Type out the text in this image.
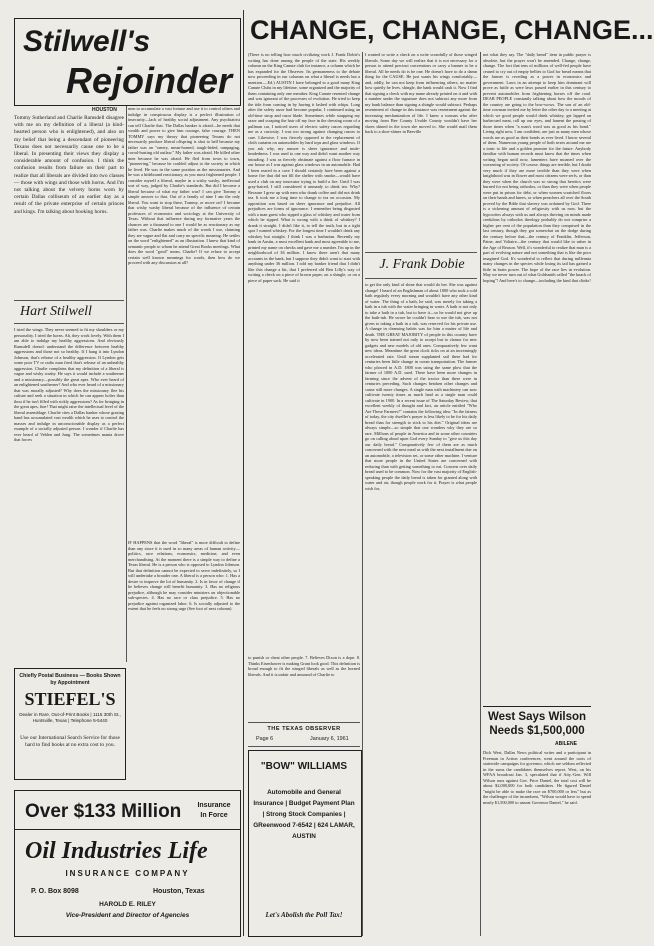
Stilwell's
Rejoinder
HOUSTON
Tommy Sutherland and Charlie Ramsdell disagree with me on my definition of a liberal (a kind-hearted person who is enlightened), and also on my belief that being a descendant of pioneering Texans does not necessarily cause one to be a liberal. In presenting their views they display a considerable amount of confusion. I think the confusion results from failure on their part to realize that all liberals are divided into two classes — those with wings and those with horns. And I'm not talking about the velvety horns worn by certain Dallas colliseum of an earlier day as a result of the private enterprise of certain princes and kings. I'm talking about booking horns.
Hart Stilwell
I tried the wings. They never seemed to fit my shoulders or my personality. I tried the horns. Ah, they work lovely. With them I am able to indulge my healthy aggressions. And obviously Ramsdell doesn't understand the difference between healthy aggressions and those not so healthy. If I hang it into Lyndon Johnson, that's release of a healthy aggression. If Lyndon gets some poor TV or radio man fired that's release of an unhealthy aggression. Charlie complains that my definition of a liberal is vague and wishy washy. He says it would include a southerner and a missionary—possibly the great apes. Who ever heard of an enlightened southerner? And who ever heard of a missionary that was morally adjusted? Why does the missionary flee his culture and seek a situation in which he can appear holier than thou if he isn't filled with sickly aggressions? As for bringing in the great apes, fine! That might raise the intellectual level of the liberal assemblage. Charlie cites a Dallas banker whose grazing hand has accumulated vast wealth which he uses to control the masses and indulge in unconscionable display as a perfect example of a socially adjusted person. I wonder if Charlie has ever heard of Veblen and Jung. The sometimes mania drove that forces
men to accumulate a vast fortune and use it to control others and indulge in conspicuous display is a perfect illustration of insecurity—lack of healthy social adjustment. Any psychiatrist can tell Charlie that. The Dallas banker is afraid—he needs that wealth and power to give him courage, false courage. THEN TOMMY says my theory that pioneering Texans do not necessarily produce liberal offspring is shot to hell because my father was an "ornery, mean-horned, tough-hided, rampaging, corral-busting old outlaw." My father was afraid. He killed other men because he was afraid. He fled from town to town, "pioneering," because he couldn't adjust to the society in which he lived. He was in the same position as the missionaries. And he was a hidebound reactionary, as you most frightened people. I consider myself a liberal, maybe in a wishy washy, ineffectual sort of way, judged by Charlie's standards. But did I become a liberal because of what my father was? I can give Tommy a simple answer to that. Out of a family of nine I am the only liberal. You want to stop there, Tommy, or move on? I became that wishy washy liberal because of the influence of certain professors of economics and sociology at the University of Texas. Without that influence during my formative years the chances are a thousand to one I would be as reactionary as my father was. Charlie makes much of the words I use, claiming they are vague and flat and carry no specific meaning. He settles on the word "enlightened" as an illustration. I knew that kind of semantic people to whom he attend Great Books meetings. What does the word "good" mean, Charlie? If we refuse to accept certain well known meanings for words, then how do we proceed with any discussion at all?
IF HAPPENS that the word "liberal" is more difficult to define than any since it is used in so many areas of human activity—politics, race relations, economics, medicine, and even merchandising. At the moment there is a simple way to define a Texas liberal. He is a person who is opposed to Lyndon Johnson. But that definition cannot be expected to serve indefinitely, so I will undertake a broader one. A liberal is a person who: 1. Has a desire to improve the lot of humanity. 2. Is in favor of change if he believes change will benefit humanity. 3. Has no religious prejudice, although he may consider ministers on objectionable sub-species. 4. Has no race or class prejudice. 5. Has no prejudice against organized labor. 6. Is socially adjusted to the extent that he feels no strong urge (See foot of next column)
Chiefly Postal Business — Books Shown by Appointment
STIEFEL'S
Dealer in Rare, Out-of-Print Books | 1115 30th St., Huntsville, Texas | Telephone 5-5440
Use our International Search Service for those hard to find books at no extra cost to you.
Over $133 Million	Insurance
In Force
Oil Industries Life
INSURANCE COMPANY
P. O. Box 8098	Houston, Texas
HAROLD E. RILEY
Vice-President and Director of Agencies
CHANGE, CHANGE, CHANGE...
(There is no telling how much civilizing work J. Frank Dobie's writing has done among the people of the state. His weekly column on the King Canute club for instance, a column which he has expanded for the Observer. Its germaneness to the debate now proceeding in our columns on what a liberal is needs but a mention.—Ed.) AUSTIN I have belonged to a good many King Canute Clubs in my lifetime, some organized and the majority of them containing only one member. King Canute resented change and was ignorant of the processes of evolution. He tried to keep the tide from coming in by having it lashed with whips. Long after the safety razor had become popular, I continued using an old-time strop and razor blade. Sometimes while strapping my razor and scraping the hair off my face in the dressing room of a pullman car, I noticed users of electric safety razors regarding me as a curiosity. I was too strong against changing razors to care. Likewise, I was fiercely opposed to the replacement of cloth curtains on automobiles by hard tops and glass windows. If you ask why, my answer is sheer ignorance and mule-headedness. I was used to one way and didn't want another way intruding. I was as fiercely obstinate against a floor furnace in our house as I was against glass windows in an automobile. Had I been reared in a cave I should certainly have been against a home fire that did not fill the shelter with smoke—would have used a club on any innovator trying to build a fire. Until I was gray-haired, I still considered it unmanly to drink tea. Why? Because I grew up with men who drank coffee and did not drink tea. It took me a long time to change to tea on occasion. My opposition was based on sheer ignorance and prejudice. All prejudices are forms of ignorance. I remember being disgusted with a man guest who sipped a glass of whiskey and water from which he sipped. What is wrong with a drink of whiskey? I drank it straight. I didn't like it, to tell the truth, but in a tight spot I wanted whiskey. For the longest time I wouldn't drink any whiskey but straight. I think I was a barbarian. Recently my bank in Austin, a most excellent bank and most agreeable to me, printed my name on checks and gave me a number. I'm up in the neighborhood of 36 million. I know there aren't that many accounts in the bank, but I suppose they didn't want to start with anything under 36 million. I told my banker friend that I didn't like this change a bit, that I preferred old Ben Lilly's way of writing a check on a piece of brown paper, on a shingle, or on a piece of paper sack. He said it
to punish or cheat other people. 7. Believes Dixon is a dope. 8. Thinks Eisenhower is making Grant look good. This definition is broad enough to fit the winged liberals as well as the horned liberals. And it is unfair and unsound of Charlie to
THE TEXAS OBSERVER
Page 6	January 6, 1961
"BOW" WILLIAMS
Automobile and General Insurance | Budget Payment Plan | Strong Stock Companies | GReenwood 7-6542 | 624 LAMAR, AUSTIN
Let's Abolish the Poll Tax!
I wanted to write a check on a write scornfully of those winged liberals. Some day we will realize that it is not necessary for a person to attend precinct conventions or carry a banner to be a liberal. All he needs do is be one. He doesn't have to do a damn thing for the CAUSE. He just wants his wings comfortably—and, oddly, he can not keep from influencing others, no matter how quietly he lives. shingle, the bank would cash it. Now I find that signing a check with my name already printed on it and with a number under the signature does not subtract any more from my bank balance than signing a shingle would subtract. Perhaps resentment of change in this instance was resentment against the increasing mechanization of life. I knew a woman who after moving from Bee County Uvalde County wouldn't have her shoes shined in the town she moved to. She would mail them back to a shoe-shiner in Beeville
J. Frank Dobie
to get the only kind of shine that would do her. She was against change! I heard of an Englishman of about 1800 who took a cold bath regularly every morning and wouldn't have any other kind of water. The thing of a bath, he said, was merely for taking a bath in a tub with the water bringing in water. A bath is not only to take a bath in a tub, but to have it—so he would not give up the bath-tub. He swore he couldn't bear to use the tub, was not given to taking a bath in a tub, was reserved for his private use. A change in cleansing habits was for him a matter of life and death. THE GREAT MAJORITY of people in this country have by now been trained not only to accept but to clamor for new gadgets and new models of old ones. Comparatively few want new ideas. Meantime the great clock ticks on at an increasingly accelerated rate. Until steam supplanted sail there had for centuries been little change in ocean transportation. The farmer who plowed in A.D. 1800 was using the same plow that the farmer of 1000 A.D. used. There have been more changes in farming since the advent of the tractor than there were in centuries preceding. Such changes betoken other changes and cause still more changes. A single man with machinery can now cultivate twenty times as much land as a single man could cultivate in 1900. In a recent issue of The Saturday Review, that excellent weekly of thought and fact, an article entitled "Who Are These Farmers?" contains the following idea: "In the fatness of today, the city dweller's prayer is less likely to be for his daily bread than for strength to stick to his diet." Original ideas are always simple—so simple that one wonders why they are so rare. Millions of people in America and in some other countries go on calling aloud upon God every Sunday to "give us this day our daily bread." Comparatively few of them are as much concerned with the next meal as with the next installment due on an automobile, a television set, or some other machine. I venture that more people in the United States are concerned with reducing than with getting something to eat. Concern over daily bread used to be common. Now for the vast majority of English-speaking people the daily bread is taken for granted along with water and air, though people work for it. Prayer is what people wish for,
not what they say. The "daily bread" item in public prayer is obsolete, but the prayer won't be amended. Change, change, change. The fact that tens of millions of well-fed people have ceased to cry out of empty bellies to God for bread means that the farmer is receding as a power in economics and government. Laws in an attempt to keep him dominant will prove as futile as were laws passed earlier in this century to prevent automobiles from frightening horses off the road. DEAR PEOPLE constantly talking about how the morals of the country are going to the bow-wows. The son of an old-time cowman invited me by letter the other day to a meeting at which we good people would drink whiskey, get lapped on barbecued meat, roll up our eyes, and lament the passing of those times when "a man's word was as good as his bond." Living right now, I am confident, are just as many men whose words are as good as their bonds as ever lived. I know several of them. Numerous young people of both sexes around me are a tonic to life and a golden promise for the future. Anybody familiar with human records must know that the times when writing began until now, lamenters have moaned over the worsening of society. Of course, things are terrible, but I doubt very much if they are more terrible than they were when knighthood was in flower and most citizens were serfs, or than they were when the church was so strong that heretics were burned for not being orthodox, or than they were when people were put in prison for debt, or when women scratched floors on their hands and knees, or when preachers all over the South proved by the Bible that slavery was ordained by God. There is a sickening amount of religiosity with us now, but the hypocrites always with us and always thriving on minds made credulous by orthodox theology probably do not comprise a higher per cent of the population than they comprised in the last century, though they got somewhat on the dodge during the century before that—the century of Franklin, Jefferson, Paine, and Voltaire—the century that would like to usher in the Age of Reason. Well, it's wonderful to realize that man is a part of evolving nature and not something that is like the poor imagined God. It's wonderful to reflect that during millennia many changes in the species while losing its tail has gained a little in brain power. The hope of the race lies in evolution. May we never turn out of what Goldsmith called "the knack of hoping"! And here's to change—including the kind that clinks!
West Says Wilson
Needs $1,500,000
ABILENE
Dick West, Dallas News political writer and a participant in Freeman in Action conferences, went around the roots of statewide campaigns for governor, which are seldom reflected in the sums the candidates themselves report. West, on his WFAA broadcast Jan. 3, speculated that if Atty.-Gen. Will Wilson runs against Gov. Price Daniel, the total cost will be about $2,000,000 for both candidates. He figured Daniel "might be able to make the race on $700,000 or less" but as the challenger of the incumbent, "Wilson would have to spend nearly $1,500,000 to unseat Governor Daniel," he said.
